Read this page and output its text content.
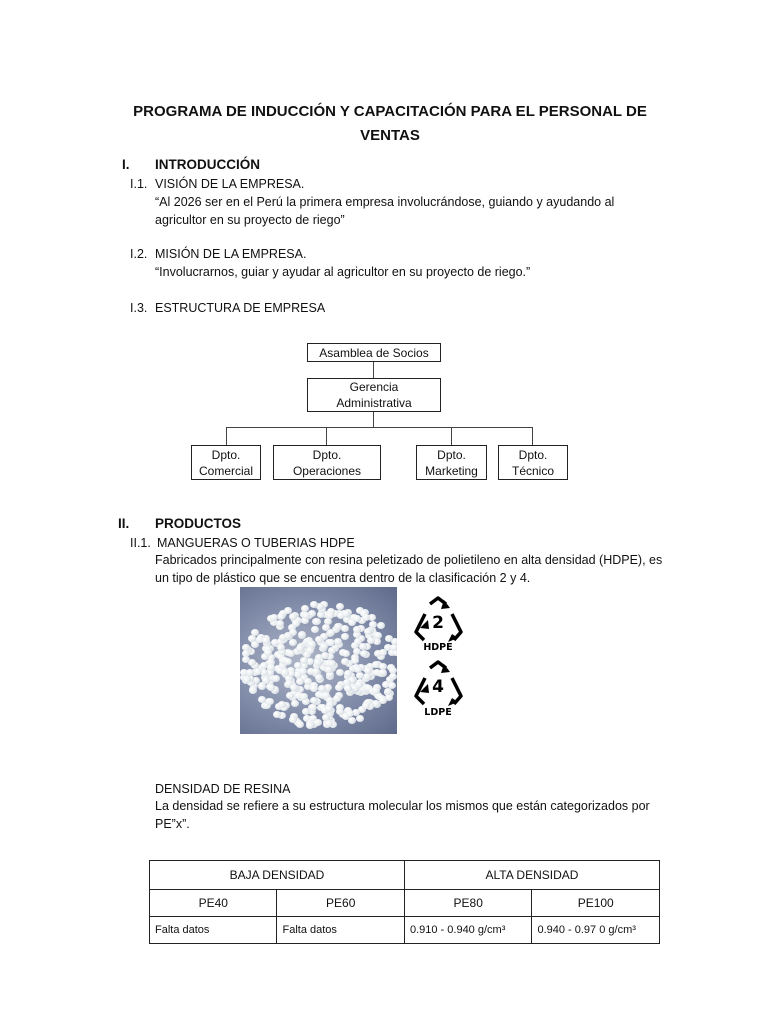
PROGRAMA DE INDUCCIÓN Y CAPACITACIÓN PARA EL PERSONAL DE VENTAS
I. INTRODUCCIÓN
I.1. VISIÓN DE LA EMPRESA.
“Al 2026 ser en el Perú la primera empresa involucrándose, guiando y ayudando al agricultor en su proyecto de riego”
I.2. MISIÓN DE LA EMPRESA.
“Involucrarnos, guiar y ayudar al agricultor en su proyecto de riego.”
I.3. ESTRUCTURA DE EMPRESA
Asamblea de Socios
Gerencia
Administrativa
Dpto.
Comercial
Dpto.
Operaciones
Dpto.
Marketing
Dpto.
Técnico
II. PRODUCTOS
II.1. MANGUERAS O TUBERIAS HDPE
Fabricados principalmente con resina peletizado de polietileno en alta densidad (HDPE), es un tipo de plástico que se encuentra dentro de la clasificación 2 y 4.
2
HDPE
4
LDPE
DENSIDAD DE RESINA
La densidad se refiere a su estructura molecular los mismos que están categorizados por PE”x”.
BAJA DENSIDAD		ALTA DENSIDAD	
PE40	PE60	PE80	PE100
Falta datos	Falta datos	0.910 - 0.940 g/cm³	0.940 - 0.97 0 g/cm³
